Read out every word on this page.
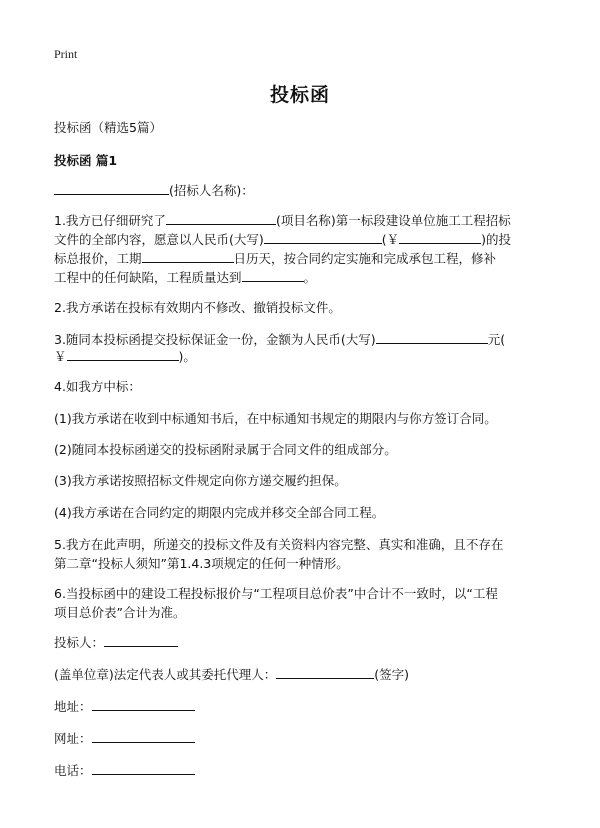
Print
投标函
投标函（精选5篇）
投标函 篇1
(招标人名称)：
1.我方已仔细研究了	(项目名称)第一标段建设单位施工工程招标
文件的全部内容，愿意以人民币(大写)	(￥	)的投
标总报价，工期	日历天，按合同约定实施和完成承包工程，修补
工程中的任何缺陷，工程质量达到	。
2.我方承诺在投标有效期内不修改、撤销投标文件。
3.随同本投标函提交投标保证金一份，金额为人民币(大写)	元(
￥	)。
4.如我方中标：
(1)我方承诺在收到中标通知书后，在中标通知书规定的期限内与你方签订合同。
(2)随同本投标函递交的投标函附录属于合同文件的组成部分。
(3)我方承诺按照招标文件规定向你方递交履约担保。
(4)我方承诺在合同约定的期限内完成并移交全部合同工程。
5.我方在此声明，所递交的投标文件及有关资料内容完整、真实和准确，且不存在
第二章“投标人须知”第1.4.3项规定的任何一种情形。
6.当投标函中的建设工程投标报价与“工程项目总价表”中合计不一致时，以“工程
项目总价表”合计为准。
投标人：
(盖单位章)法定代表人或其委托代理人：	(签字)
地址：
网址：
电话：
